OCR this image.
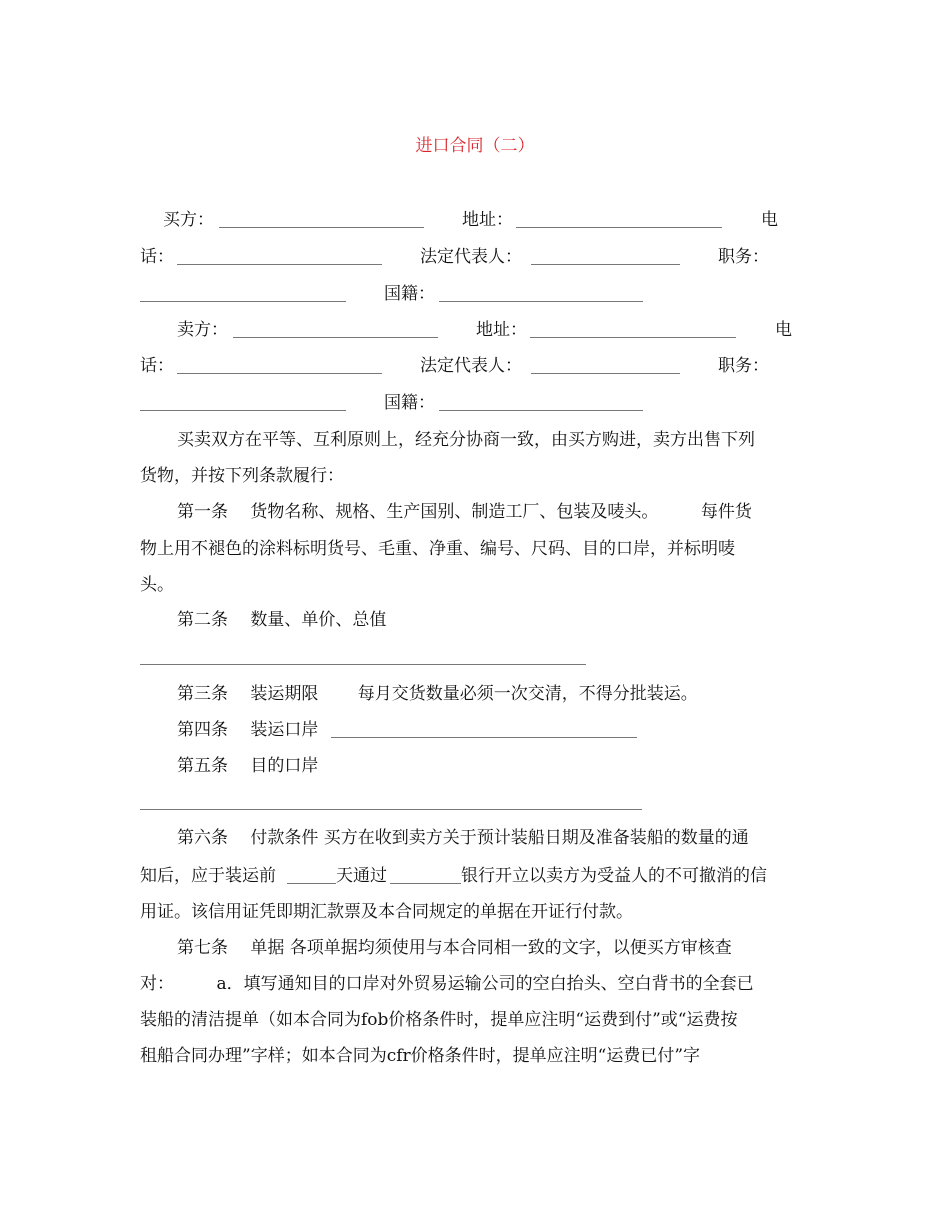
进口合同（二）
买方：	地址：	电
话：	法定代表人：	职务：
国籍：
卖方：	地址：	电
话：	法定代表人：	职务：
国籍：
买卖双方在平等、互利原则上，经充分协商一致，由买方购进，卖方出售下列
货物，并按下列条款履行：
第一条　 货物名称、规格、生产国别、制造工厂、包装及唛头。　　　每件货
物上用不褪色的涂料标明货号、毛重、净重、编号、尺码、目的口岸，并标明唛
头。
第二条　 数量、单价、总值
第三条　 装运期限　　 每月交货数量必须一次交清，不得分批装运。
第四条　 装运口岸
第五条　 目的口岸
第六条　 付款条件 买方在收到卖方关于预计装船日期及准备装船的数量的通
知后，应于装运前	天通过	银行开立以卖方为受益人的不可撤消的信
用证。该信用证凭即期汇款票及本合同规定的单据在开证行付款。
第七条　 单据 各项单据均须使用与本合同相一致的文字，以便买方审核查
对：　　　a．填写通知目的口岸对外贸易运输公司的空白抬头、空白背书的全套已
装船的清洁提单（如本合同为fob价格条件时，提单应注明“运费到付”或“运费按
租船合同办理”字样；如本合同为cfr价格条件时，提单应注明“运费已付”字
